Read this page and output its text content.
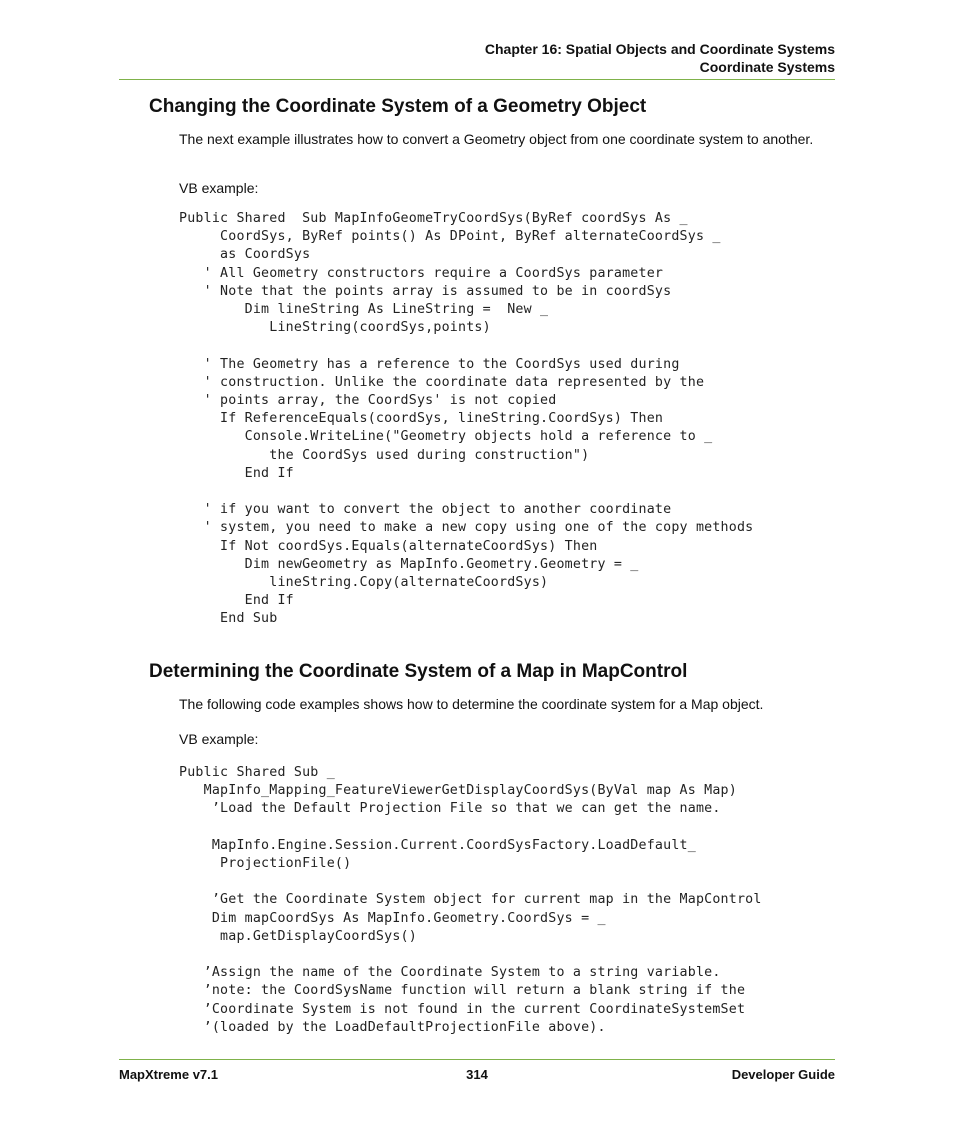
Chapter 16: Spatial Objects and Coordinate Systems
Coordinate Systems
Changing the Coordinate System of a Geometry Object

The next example illustrates how to convert a Geometry object from one coordinate system to another.

VB example:

Public Shared  Sub MapInfoGeomeTryCoordSys(ByRef coordSys As _
CoordSys, ByRef points() As DPoint, ByRef alternateCoordSys _
as CoordSys
' All Geometry constructors require a CoordSys parameter
' Note that the points array is assumed to be in coordSys
Dim lineString As LineString =  New _
LineString(coordSys,points)

' The Geometry has a reference to the CoordSys used during
' construction. Unlike the coordinate data represented by the
' points array, the CoordSys' is not copied
If ReferenceEquals(coordSys, lineString.CoordSys) Then
Console.WriteLine("Geometry objects hold a reference to _
the CoordSys used during construction")
End If

' if you want to convert the object to another coordinate
' system, you need to make a new copy using one of the copy methods
If Not coordSys.Equals(alternateCoordSys) Then
Dim newGeometry as MapInfo.Geometry.Geometry = _
lineString.Copy(alternateCoordSys)
End If
End Sub
Determining the Coordinate System of a Map in MapControl

The following code examples shows how to determine the coordinate system for a Map object.

VB example:

Public Shared Sub _
MapInfo_Mapping_FeatureViewerGetDisplayCoordSys(ByVal map As Map)
’Load the Default Projection File so that we can get the name.

MapInfo.Engine.Session.Current.CoordSysFactory.LoadDefault_
ProjectionFile()

’Get the Coordinate System object for current map in the MapControl
Dim mapCoordSys As MapInfo.Geometry.CoordSys = _
map.GetDisplayCoordSys()

’Assign the name of the Coordinate System to a string variable.
’note: the CoordSysName function will return a blank string if the
’Coordinate System is not found in the current CoordinateSystemSet
’(loaded by the LoadDefaultProjectionFile above).
MapXtreme v7.1	314	Developer Guide
